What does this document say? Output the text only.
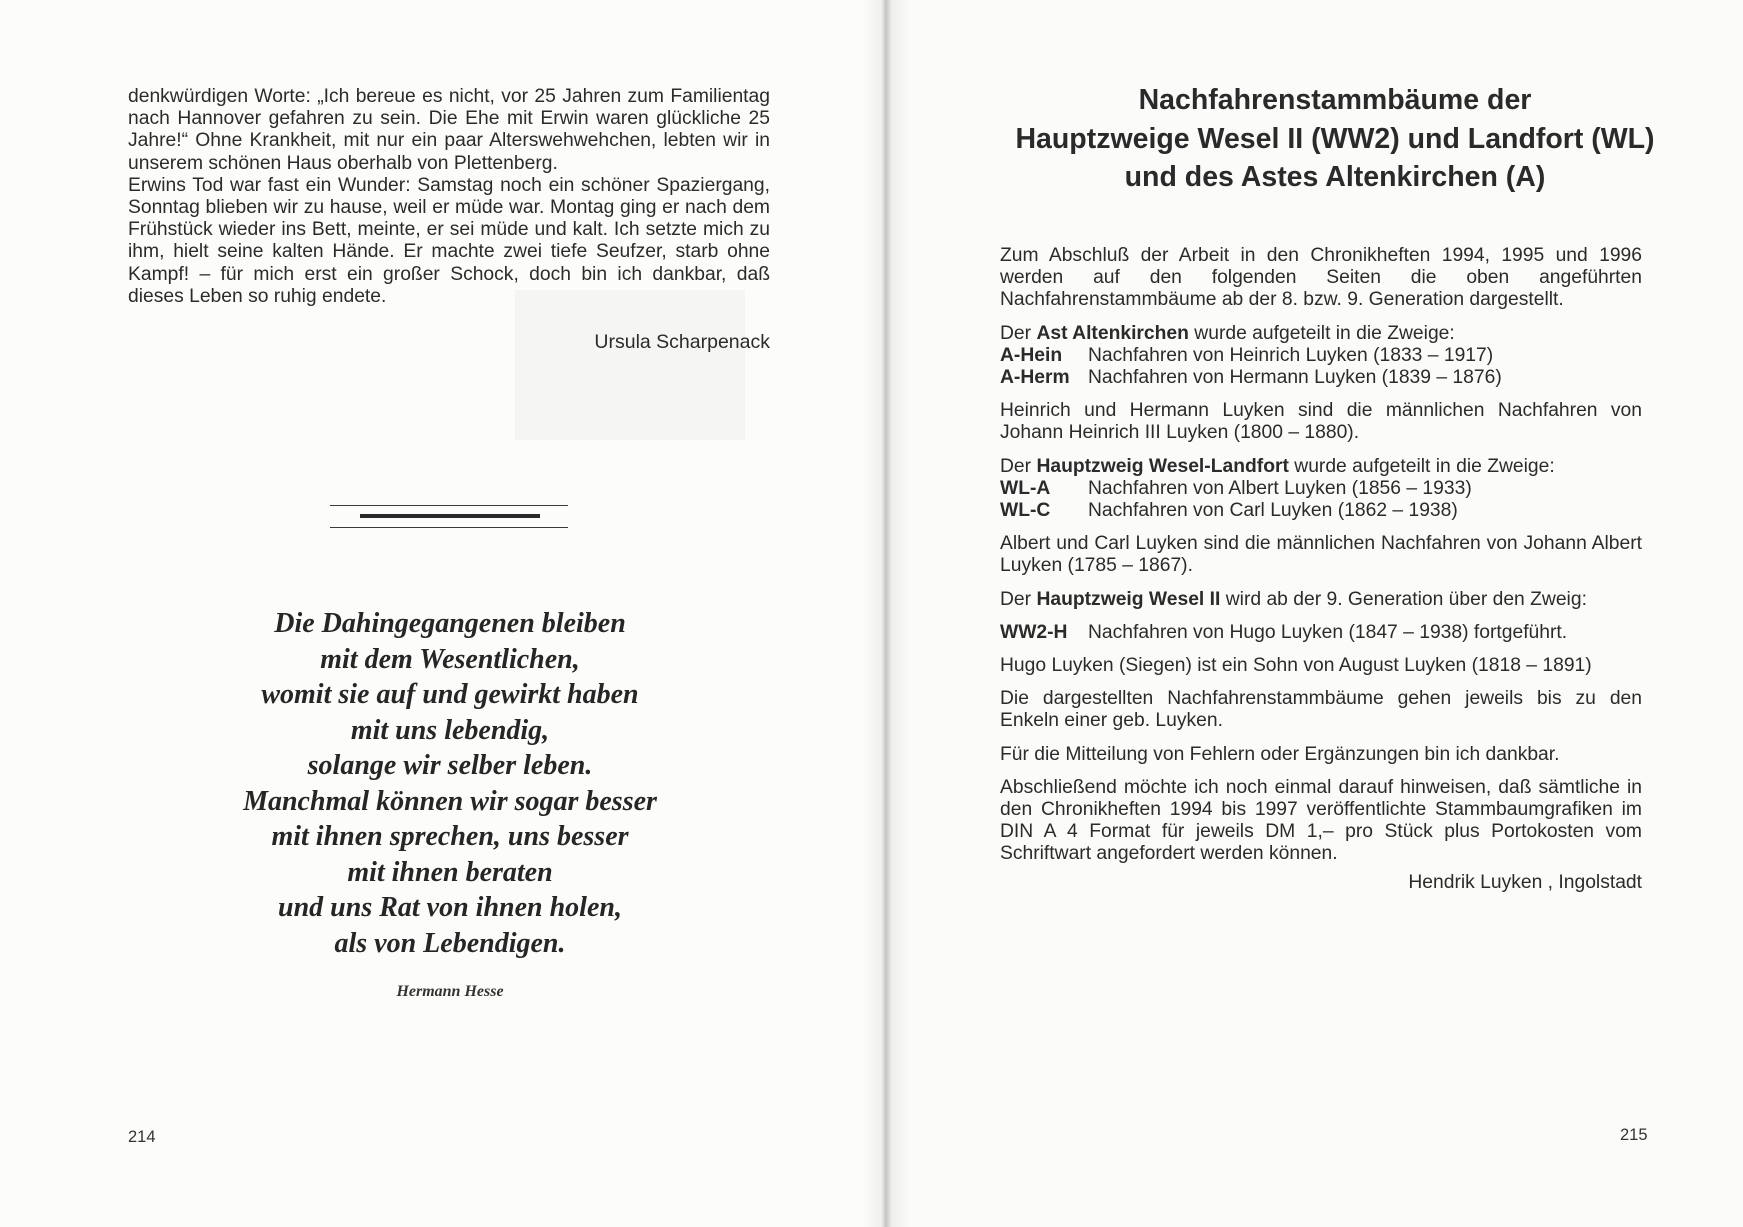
denkwürdigen Worte: „Ich bereue es nicht, vor 25 Jahren zum Familientag nach Hannover gefahren zu sein. Die Ehe mit Erwin waren glückliche 25 Jahre!“ Ohne Krankheit, mit nur ein paar Alterswehwehchen, lebten wir in unserem schönen Haus oberhalb von Plettenberg.

Erwins Tod war fast ein Wunder: Samstag noch ein schöner Spaziergang, Sonntag blieben wir zu hause, weil er müde war. Montag ging er nach dem Frühstück wieder ins Bett, meinte, er sei müde und kalt. Ich setzte mich zu ihm, hielt seine kalten Hände. Er machte zwei tiefe Seufzer, starb ohne Kampf! – für mich erst ein großer Schock, doch bin ich dankbar, daß dieses Leben so ruhig endete.

Ursula Scharpenack
Die Dahingegangenen bleiben
mit dem Wesentlichen,
womit sie auf und gewirkt haben
mit uns lebendig,
solange wir selber leben.
Manchmal können wir sogar besser
mit ihnen sprechen, uns besser
mit ihnen beraten
und uns Rat von ihnen holen,
als von Lebendigen.
Hermann Hesse
214
Nachfahrenstammbäume der
Hauptzweige Wesel II (WW2) und Landfort (WL)
und des Astes Altenkirchen (A)

Zum Abschluß der Arbeit in den Chronikheften 1994, 1995 und 1996 werden auf den folgenden Seiten die oben angeführten Nachfahrenstammbäume ab der 8. bzw. 9. Generation dargestellt.

Der Ast Altenkirchen wurde aufgeteilt in die Zweige:
A-Hein	Nachfahren von Heinrich Luyken (1833 – 1917)
A-Herm Nachfahren von Hermann Luyken (1839 – 1876)

Heinrich und Hermann Luyken sind die männlichen Nachfahren von Johann Heinrich III Luyken (1800 – 1880).

Der Hauptzweig Wesel-Landfort wurde aufgeteilt in die Zweige:
WL-A	Nachfahren von Albert Luyken (1856 – 1933)
WL-C	Nachfahren von Carl Luyken (1862 – 1938)

Albert und Carl Luyken sind die männlichen Nachfahren von Johann Albert Luyken (1785 – 1867).

Der Hauptzweig Wesel II wird ab der 9. Generation über den Zweig:
WW2-H	Nachfahren von Hugo Luyken (1847 – 1938) fortgeführt.

Hugo Luyken (Siegen) ist ein Sohn von August Luyken (1818 – 1891)

Die dargestellten Nachfahrenstammbäume gehen jeweils bis zu den Enkeln einer geb. Luyken.

Für die Mitteilung von Fehlern oder Ergänzungen bin ich dankbar.

Abschließend möchte ich noch einmal darauf hinweisen, daß sämtliche in den Chronikheften 1994 bis 1997 veröffentlichte Stammbaumgrafiken im DIN A 4 Format für jeweils DM 1,– pro Stück plus Portokosten vom Schriftwart angefordert werden können.

Hendrik Luyken , Ingolstadt
215
